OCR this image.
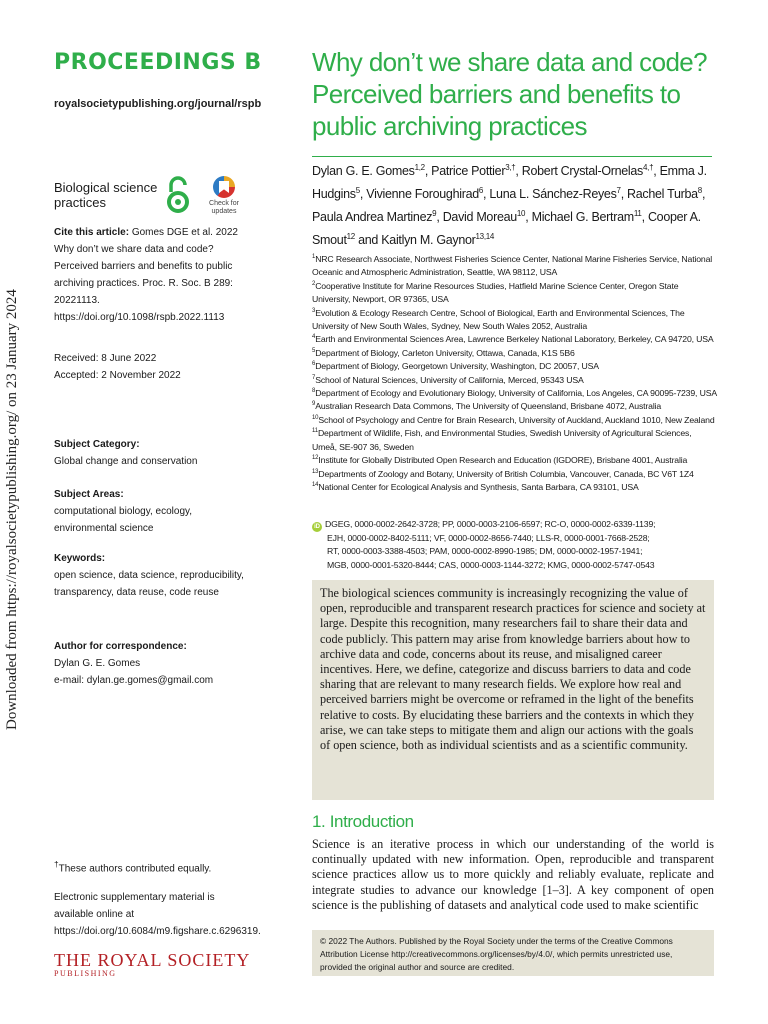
Downloaded from https://royalsocietypublishing.org/ on 23 January 2024
PROCEEDINGS B
royalsocietypublishing.org/journal/rspb
Biological science practices	Check for updates
Cite this article: Gomes DGE et al. 2022 Why don’t we share data and code? Perceived barriers and benefits to public archiving practices. Proc. R. Soc. B 289: 20221113. https://doi.org/10.1098/rspb.2022.1113
Received: 8 June 2022
Accepted: 2 November 2022
Subject Category:
Global change and conservation
Subject Areas:
computational biology, ecology, environmental science
Keywords:
open science, data science, reproducibility, transparency, data reuse, code reuse
Author for correspondence:
Dylan G. E. Gomes
e-mail: dylan.ge.gomes@gmail.com
†These authors contributed equally.
Electronic supplementary material is available online at https://doi.org/10.6084/m9.figshare.c.6296319.
THE ROYAL SOCIETY
PUBLISHING
Why don’t we share data and code? Perceived barriers and benefits to public archiving practices
Dylan G. E. Gomes$^{1,2}$, Patrice Pottier$^{3,\dagger}$, Robert Crystal-Ornelas$^{4,\dagger}$, Emma J. Hudgins$^5$, Vivienne Foroughirad$^6$, Luna L. Sánchez-Reyes$^7$, Rachel Turba$^8$, Paula Andrea Martinez$^9$, David Moreau$^{10}$, Michael G. Bertram$^{11}$, Cooper A. Smout$^{12}$ and Kaitlyn M. Gaynor$^{13,14}$
$^1$NRC Research Associate, Northwest Fisheries Science Center, National Marine Fisheries Service, National Oceanic and Atmospheric Administration, Seattle, WA 98112, USA
$^2$Cooperative Institute for Marine Resources Studies, Hatfield Marine Science Center, Oregon State University, Newport, OR 97365, USA
$^3$Evolution & Ecology Research Centre, School of Biological, Earth and Environmental Sciences, The University of New South Wales, Sydney, New South Wales 2052, Australia
$^4$Earth and Environmental Sciences Area, Lawrence Berkeley National Laboratory, Berkeley, CA 94720, USA
$^5$Department of Biology, Carleton University, Ottawa, Canada, K1S 5B6
$^6$Department of Biology, Georgetown University, Washington, DC 20057, USA
$^7$School of Natural Sciences, University of California, Merced, 95343 USA
$^8$Department of Ecology and Evolutionary Biology, University of California, Los Angeles, CA 90095-7239, USA
$^9$Australian Research Data Commons, The University of Queensland, Brisbane 4072, Australia
$^{10}$School of Psychology and Centre for Brain Research, University of Auckland, Auckland 1010, New Zealand
$^{11}$Department of Wildlife, Fish, and Environmental Studies, Swedish University of Agricultural Sciences, Umeå, SE-907 36, Sweden
$^{12}$Institute for Globally Distributed Open Research and Education (IGDORE), Brisbane 4001, Australia
$^{13}$Departments of Zoology and Botany, University of British Columbia, Vancouver, Canada, BC V6T 1Z4
$^{14}$National Center for Ecological Analysis and Synthesis, Santa Barbara, CA 93101, USA
iD DGEG, 0000-0002-2642-3728; PP, 0000-0003-2106-6597; RC-O, 0000-0002-6339-1139;
EJH, 0000-0002-8402-5111; VF, 0000-0002-8656-7440; LLS-R, 0000-0001-7668-2528;
RT, 0000-0003-3388-4503; PAM, 0000-0002-8990-1985; DM, 0000-0002-1957-1941;
MGB, 0000-0001-5320-8444; CAS, 0000-0003-1144-3272; KMG, 0000-0002-5747-0543
The biological sciences community is increasingly recognizing the value of open, reproducible and transparent research practices for science and society at large. Despite this recognition, many researchers fail to share their data and code publicly. This pattern may arise from knowledge barriers about how to archive data and code, concerns about its reuse, and misaligned career incentives. Here, we define, categorize and discuss barriers to data and code sharing that are relevant to many research fields. We explore how real and perceived barriers might be overcome or reframed in the light of the benefits relative to costs. By elucidating these barriers and the contexts in which they arise, we can take steps to mitigate them and align our actions with the goals of open science, both as individual scientists and as a scientific community.
1. Introduction
Science is an iterative process in which our understanding of the world is continually updated with new information. Open, reproducible and transparent science practices allow us to more quickly and reliably evaluate, replicate and integrate studies to advance our knowledge [1–3]. A key component of open science is the publishing of datasets and analytical code used to make scientific
© 2022 The Authors. Published by the Royal Society under the terms of the Creative Commons Attribution License http://creativecommons.org/licenses/by/4.0/, which permits unrestricted use, provided the original author and source are credited.
